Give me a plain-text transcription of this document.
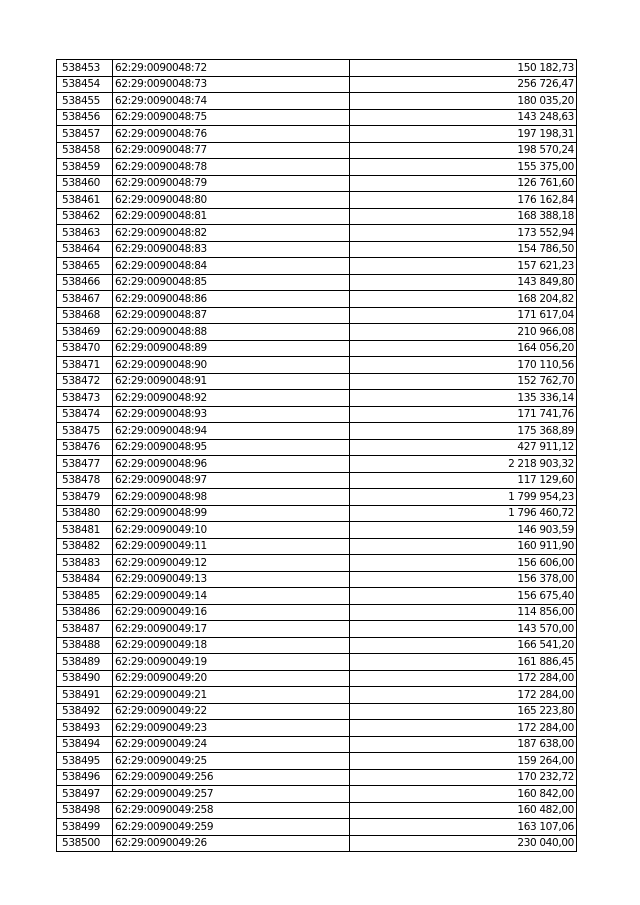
538453	62:29:0090048:72	150 182,73
538454	62:29:0090048:73	256 726,47
538455	62:29:0090048:74	180 035,20
538456	62:29:0090048:75	143 248,63
538457	62:29:0090048:76	197 198,31
538458	62:29:0090048:77	198 570,24
538459	62:29:0090048:78	155 375,00
538460	62:29:0090048:79	126 761,60
538461	62:29:0090048:80	176 162,84
538462	62:29:0090048:81	168 388,18
538463	62:29:0090048:82	173 552,94
538464	62:29:0090048:83	154 786,50
538465	62:29:0090048:84	157 621,23
538466	62:29:0090048:85	143 849,80
538467	62:29:0090048:86	168 204,82
538468	62:29:0090048:87	171 617,04
538469	62:29:0090048:88	210 966,08
538470	62:29:0090048:89	164 056,20
538471	62:29:0090048:90	170 110,56
538472	62:29:0090048:91	152 762,70
538473	62:29:0090048:92	135 336,14
538474	62:29:0090048:93	171 741,76
538475	62:29:0090048:94	175 368,89
538476	62:29:0090048:95	427 911,12
538477	62:29:0090048:96	2 218 903,32
538478	62:29:0090048:97	117 129,60
538479	62:29:0090048:98	1 799 954,23
538480	62:29:0090048:99	1 796 460,72
538481	62:29:0090049:10	146 903,59
538482	62:29:0090049:11	160 911,90
538483	62:29:0090049:12	156 606,00
538484	62:29:0090049:13	156 378,00
538485	62:29:0090049:14	156 675,40
538486	62:29:0090049:16	114 856,00
538487	62:29:0090049:17	143 570,00
538488	62:29:0090049:18	166 541,20
538489	62:29:0090049:19	161 886,45
538490	62:29:0090049:20	172 284,00
538491	62:29:0090049:21	172 284,00
538492	62:29:0090049:22	165 223,80
538493	62:29:0090049:23	172 284,00
538494	62:29:0090049:24	187 638,00
538495	62:29:0090049:25	159 264,00
538496	62:29:0090049:256	170 232,72
538497	62:29:0090049:257	160 842,00
538498	62:29:0090049:258	160 482,00
538499	62:29:0090049:259	163 107,06
538500	62:29:0090049:26	230 040,00
